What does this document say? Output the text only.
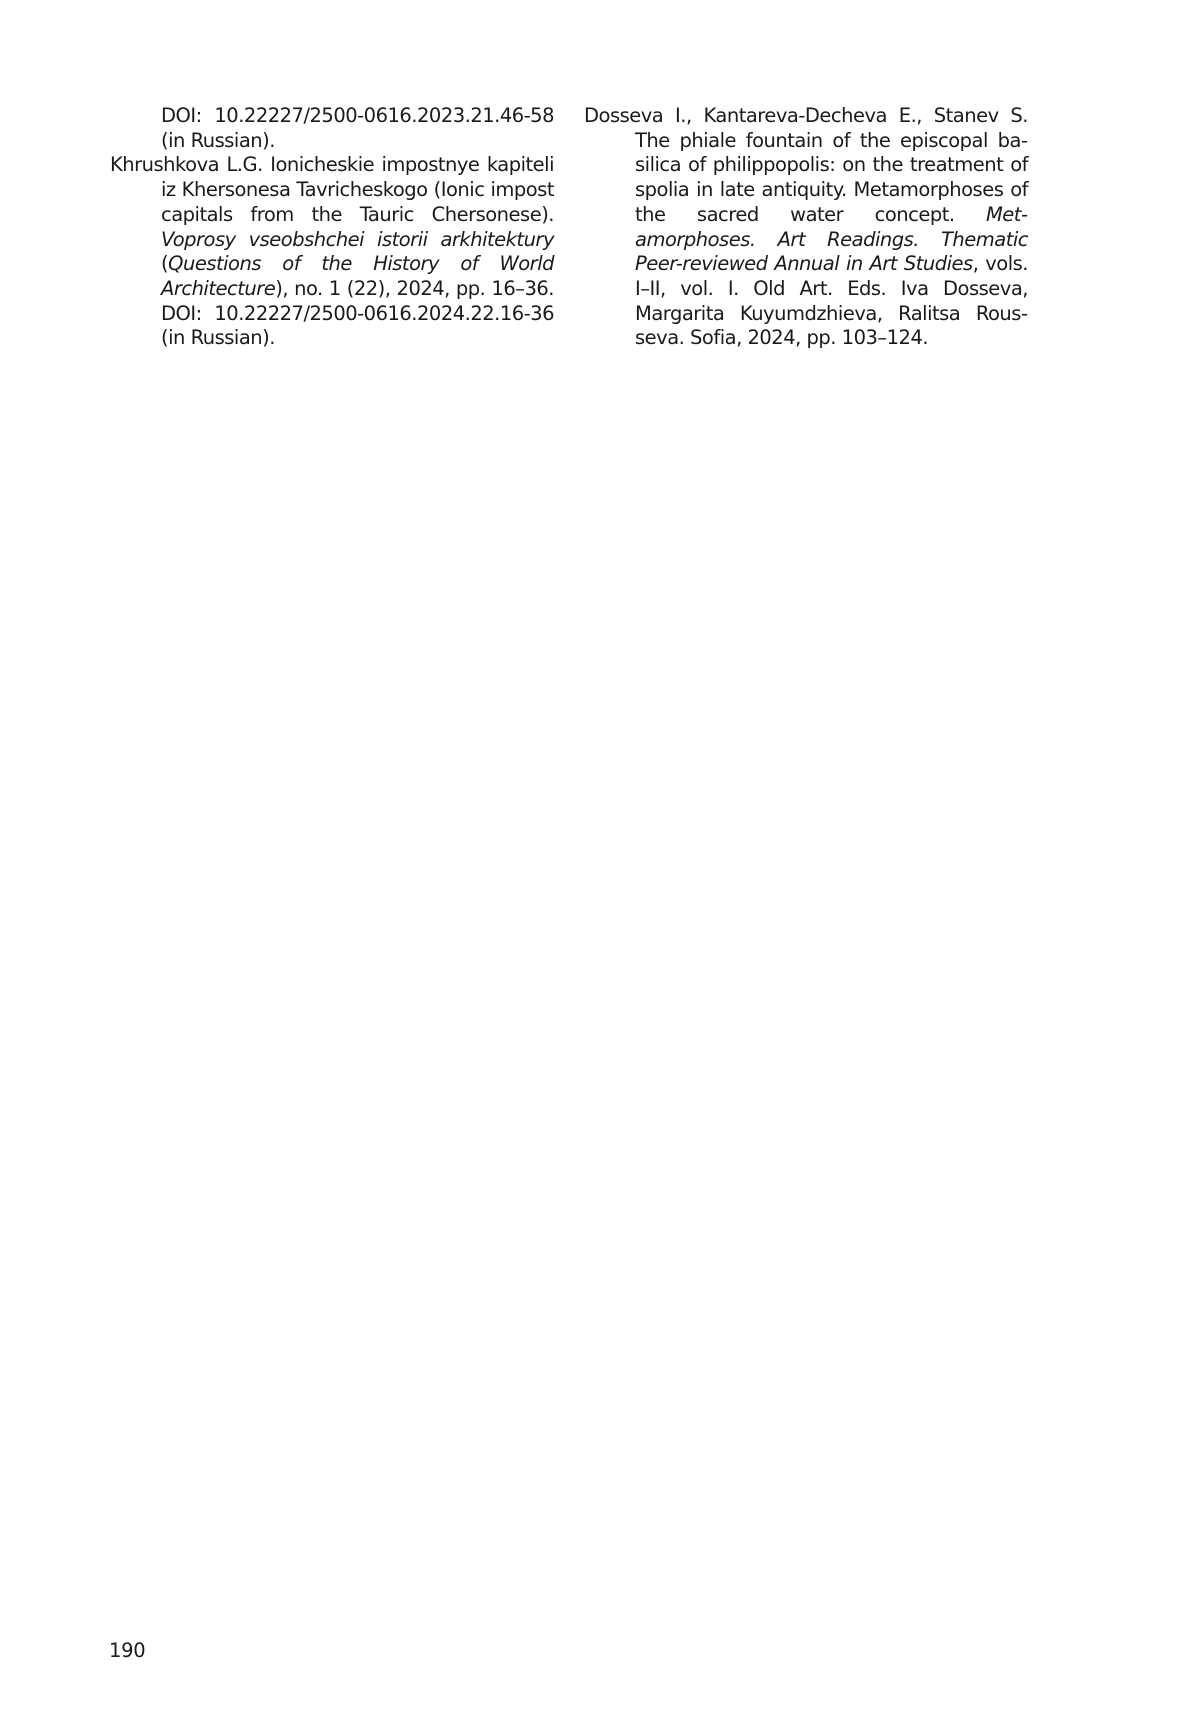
DOI: 10.22227/2500-0616.2023.21.46-58 (in Russian).

Khrushkova L.G. Ionicheskie impostnye kapiteli iz Khersonesa Tavricheskogo (Ionic impost capitals from the Tauric Chersonese). Voprosy vseobshchei istorii arkhitektury (Questions of the History of World Architecture), no. 1 (22), 2024, pp. 16–36. DOI: 10.22227/2500-0616.2024.22.16-36 (in Russian).

Dosseva I., Kantareva-Decheva E., Stanev S. The phiale fountain of the episcopal basilica of philippopolis: on the treatment of spolia in late antiquity. Metamorphoses of the sacred water concept. Metamorphoses. Art Readings. Thematic Peer-reviewed Annual in Art Studies, vols. I–II, vol. I. Old Art. Eds. Iva Dosseva, Margarita Kuyumdzhieva, Ralitsa Rousseva. Sofia, 2024, pp. 103–124.

190
